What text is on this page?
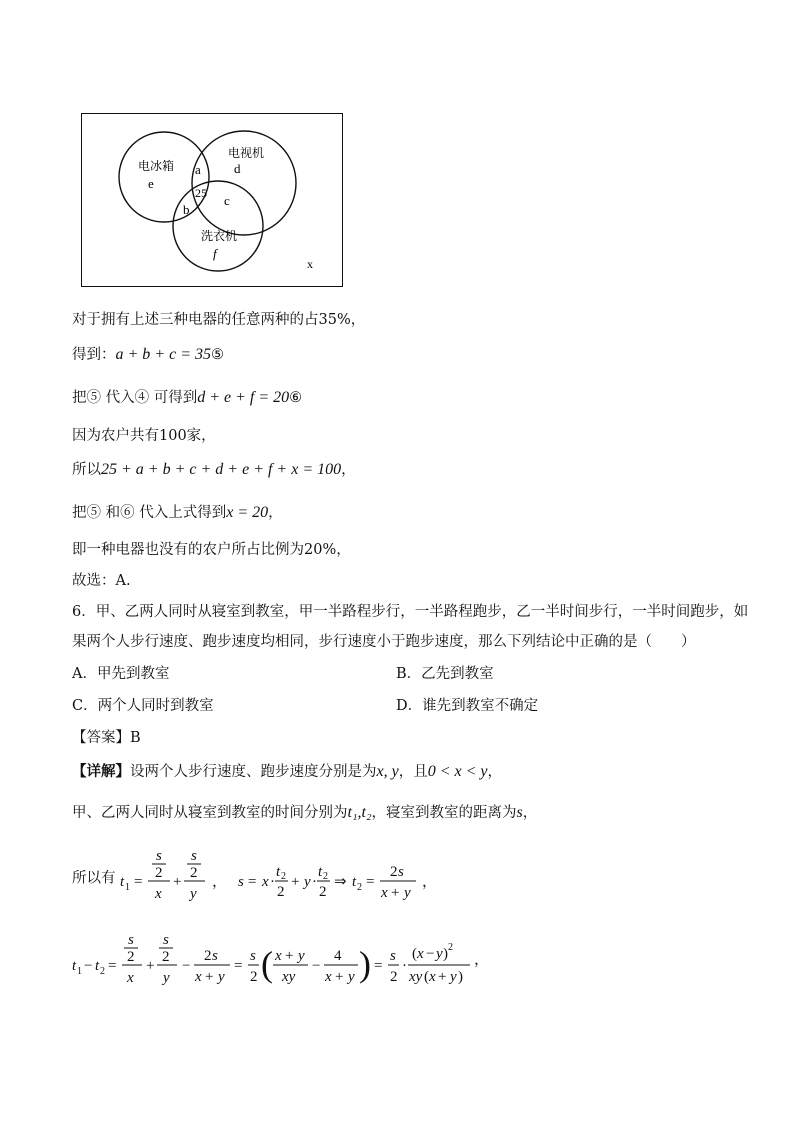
电冰箱
e
电视机
d
洗衣机
f
a
b
c
25
x
对于拥有上述三种电器的任意两种的占35%，
得到：a + b + c = 35⑤
把⑤ 代入④ 可得到d + e + f = 20⑥
因为农户共有100家，
所以25 + a + b + c + d + e + f + x = 100，
把⑤ 和⑥ 代入上式得到x = 20，
即一种电器也没有的农户所占比例为20%，
故选：A.
6．甲、乙两人同时从寝室到教室，甲一半路程步行，一半路程跑步，乙一半时间步行，一半时间跑步，如
果两个人步行速度、跑步速度均相同，步行速度小于跑步速度，那么下列结论中正确的是（　　）
A．甲先到教室	B．乙先到教室
C．两个人同时到教室	D．谁先到教室不确定
【答案】B
【详解】设两个人步行速度、跑步速度分别是为x, y，且0 < x < y，
甲、乙两人同时从寝室到教室的时间分别为t₁,t₂，寝室到教室的距离为s，
所以有 t 1 =
s
2
x
+
s
2
y
， s = x ·
t 2
2
+ y ·
t 2
2
⇒ t 2 =
2 s
x + y
，
t 1 − t 2 =
s
2
x
+
s
2
y
−
2 s
x + y
=
s
2 ( x + y
xy
−
4
x + y ) =
s
2
·
( x − y ) 2
xy ( x + y )
，
